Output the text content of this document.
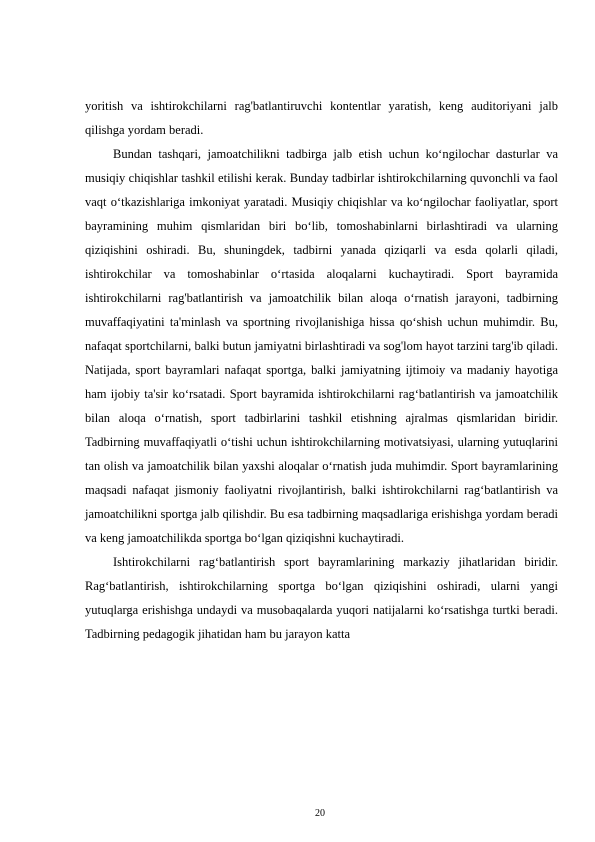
yoritish va ishtirokchilarni rag'batlantiruvchi kontentlar yaratish, keng auditoriyani jalb qilishga yordam beradi.

Bundan tashqari, jamoatchilikni tadbirga jalb etish uchun ko‘ngilochar dasturlar va musiqiy chiqishlar tashkil etilishi kerak. Bunday tadbirlar ishtirokchilarning quvonchli va faol vaqt o‘tkazishlariga imkoniyat yaratadi. Musiqiy chiqishlar va ko‘ngilochar faoliyatlar, sport bayramining muhim qismlaridan biri bo‘lib, tomoshabinlarni birlashtiradi va ularning qiziqishini oshiradi. Bu, shuningdek, tadbirni yanada qiziqarli va esda qolarli qiladi, ishtirokchilar va tomoshabinlar o‘rtasida aloqalarni kuchaytiradi. Sport bayramida ishtirokchilarni rag'batlantirish va jamoatchilik bilan aloqa o‘rnatish jarayoni, tadbirning muvaffaqiyatini ta'minlash va sportning rivojlanishiga hissa qo‘shish uchun muhimdir. Bu, nafaqat sportchilarni, balki butun jamiyatni birlashtiradi va sog'lom hayot tarzini targ'ib qiladi. Natijada, sport bayramlari nafaqat sportga, balki jamiyatning ijtimoiy va madaniy hayotiga ham ijobiy ta'sir ko‘rsatadi. Sport bayramida ishtirokchilarni rag‘batlantirish va jamoatchilik bilan aloqa o‘rnatish, sport tadbirlarini tashkil etishning ajralmas qismlaridan biridir. Tadbirning muvaffaqiyatli o‘tishi uchun ishtirokchilarning motivatsiyasi, ularning yutuqlarini tan olish va jamoatchilik bilan yaxshi aloqalar o‘rnatish juda muhimdir. Sport bayramlarining maqsadi nafaqat jismoniy faoliyatni rivojlantirish, balki ishtirokchilarni rag‘batlantirish va jamoatchilikni sportga jalb qilishdir. Bu esa tadbirning maqsadlariga erishishga yordam beradi va keng jamoatchilikda sportga bo‘lgan qiziqishni kuchaytiradi.

Ishtirokchilarni rag‘batlantirish sport bayramlarining markaziy jihatlaridan biridir. Rag‘batlantirish, ishtirokchilarning sportga bo‘lgan qiziqishini oshiradi, ularni yangi yutuqlarga erishishga undaydi va musobaqalarda yuqori natijalarni ko‘rsatishga turtki beradi. Tadbirning pedagogik jihatidan ham bu jarayon katta

20
